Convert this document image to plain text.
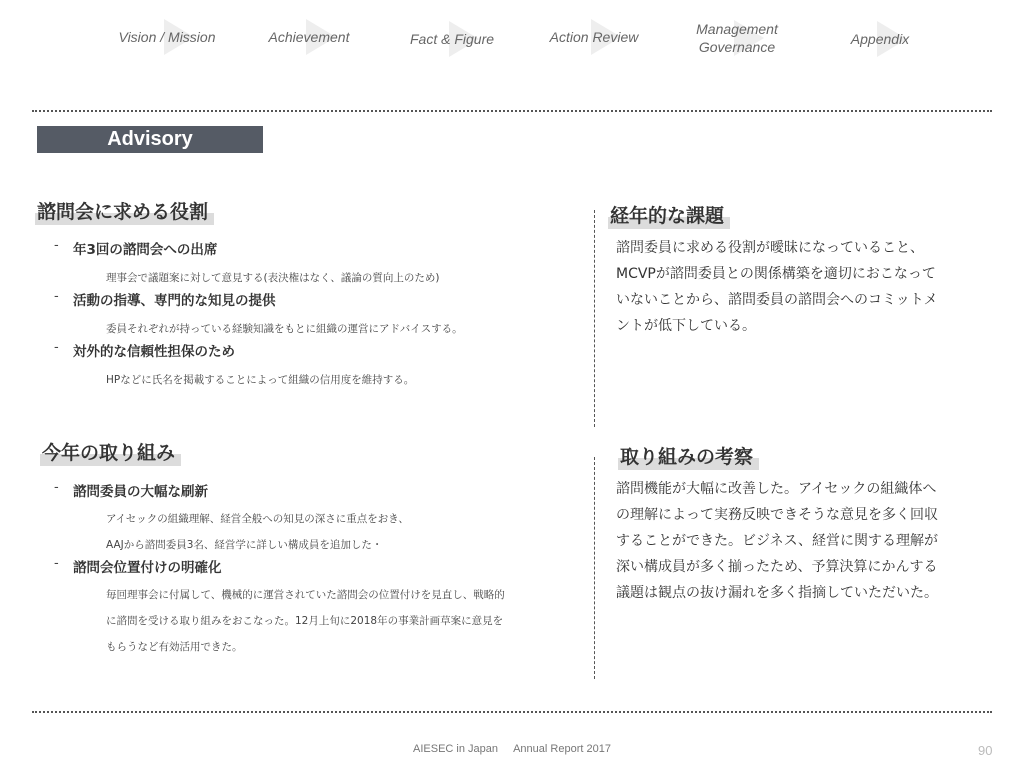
Vision / Mission	Achievement	Fact & Figure	Action Review	Management
Governance	Appendix
Advisory
諮問会に求める役割
- 年3回の諮問会への出席
理事会で議題案に対して意見する(表決権はなく、議論の質向上のため)
- 活動の指導、専門的な知見の提供
委員それぞれが持っている経験知識をもとに組織の運営にアドバイスする。
- 対外的な信頼性担保のため
HPなどに氏名を掲載することによって組織の信用度を維持する。
今年の取り組み
- 諮問委員の大幅な刷新
アイセックの組織理解、経営全般への知見の深さに重点をおき、
AAJから諮問委員3名、経営学に詳しい構成員を追加した・
- 諮問会位置付けの明確化
毎回理事会に付属して、機械的に運営されていた諮問会の位置付けを見直し、戦略的
に諮問を受ける取り組みをおこなった。12月上旬に2018年の事業計画草案に意見を
もらうなど有効活用できた。
経年的な課題
諮問委員に求める役割が曖昧になっていること、
MCVPが諮問委員との関係構築を適切におこなって
いないことから、諮問委員の諮問会へのコミットメ
ントが低下している。
取り組みの考察
諮問機能が大幅に改善した。アイセックの組織体へ
の理解によって実務反映できそうな意見を多く回収
することができた。ビジネス、経営に関する理解が
深い構成員が多く揃ったため、予算決算にかんする
議題は観点の抜け漏れを多く指摘していただいた。
AIESEC in Japan Annual Report 2017	90
